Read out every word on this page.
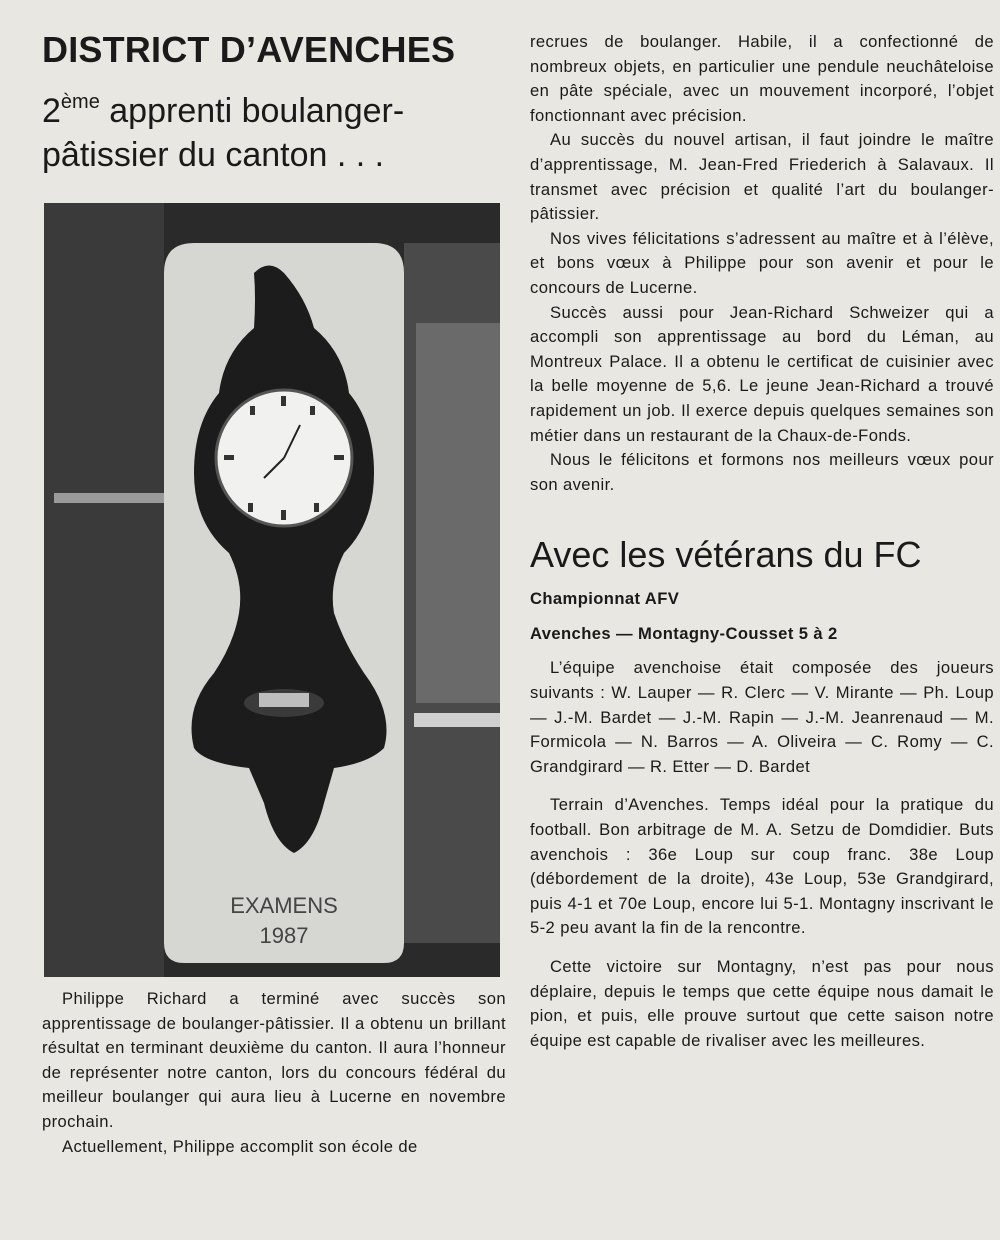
DISTRICT D’AVENCHES
2ème apprenti boulanger-pâtissier du canton . . .
EXAMENS
1987

Philippe Richard a terminé avec succès son apprentissage de boulanger-pâtissier. Il a obtenu un brillant résultat en terminant deuxième du canton. Il aura l’honneur de représenter notre canton, lors du concours fédéral du meilleur boulanger qui aura lieu à Lucerne en novembre prochain.

Actuellement, Philippe accomplit son école de

recrues de boulanger. Habile, il a confectionné de nombreux objets, en particulier une pendule neuchâteloise en pâte spéciale, avec un mouvement incorporé, l’objet fonctionnant avec précision.

Au succès du nouvel artisan, il faut joindre le maître d’apprentissage, M. Jean-Fred Friederich à Salavaux. Il transmet avec précision et qualité l’art du boulanger-pâtissier.

Nos vives félicitations s’adressent au maître et à l’élève, et bons vœux à Philippe pour son avenir et pour le concours de Lucerne.

Succès aussi pour Jean-Richard Schweizer qui a accompli son apprentissage au bord du Léman, au Montreux Palace. Il a obtenu le certificat de cuisinier avec la belle moyenne de 5,6. Le jeune Jean-Richard a trouvé rapidement un job. Il exerce depuis quelques semaines son métier dans un restaurant de la Chaux-de-Fonds.

Nous le félicitons et formons nos meilleurs vœux pour son avenir.

Avec les vétérans du FC

Championnat AFV

Avenches — Montagny-Cousset 5 à 2

L’équipe avenchoise était composée des joueurs suivants : W. Lauper — R. Clerc — V. Mirante — Ph. Loup — J.-M. Bardet — J.-M. Rapin — J.-M. Jeanrenaud — M. Formicola — N. Barros — A. Oliveira — C. Romy — C. Grandgirard — R. Etter — D. Bardet

Terrain d’Avenches. Temps idéal pour la pratique du football. Bon arbitrage de M. A. Setzu de Domdidier. Buts avenchois : 36e Loup sur coup franc. 38e Loup (débordement de la droite), 43e Loup, 53e Grandgirard, puis 4-1 et 70e Loup, encore lui 5-1. Montagny inscrivant le 5-2 peu avant la fin de la rencontre.

Cette victoire sur Montagny, n’est pas pour nous déplaire, depuis le temps que cette équipe nous damait le pion, et puis, elle prouve surtout que cette saison notre équipe est capable de rivaliser avec les meilleures.
